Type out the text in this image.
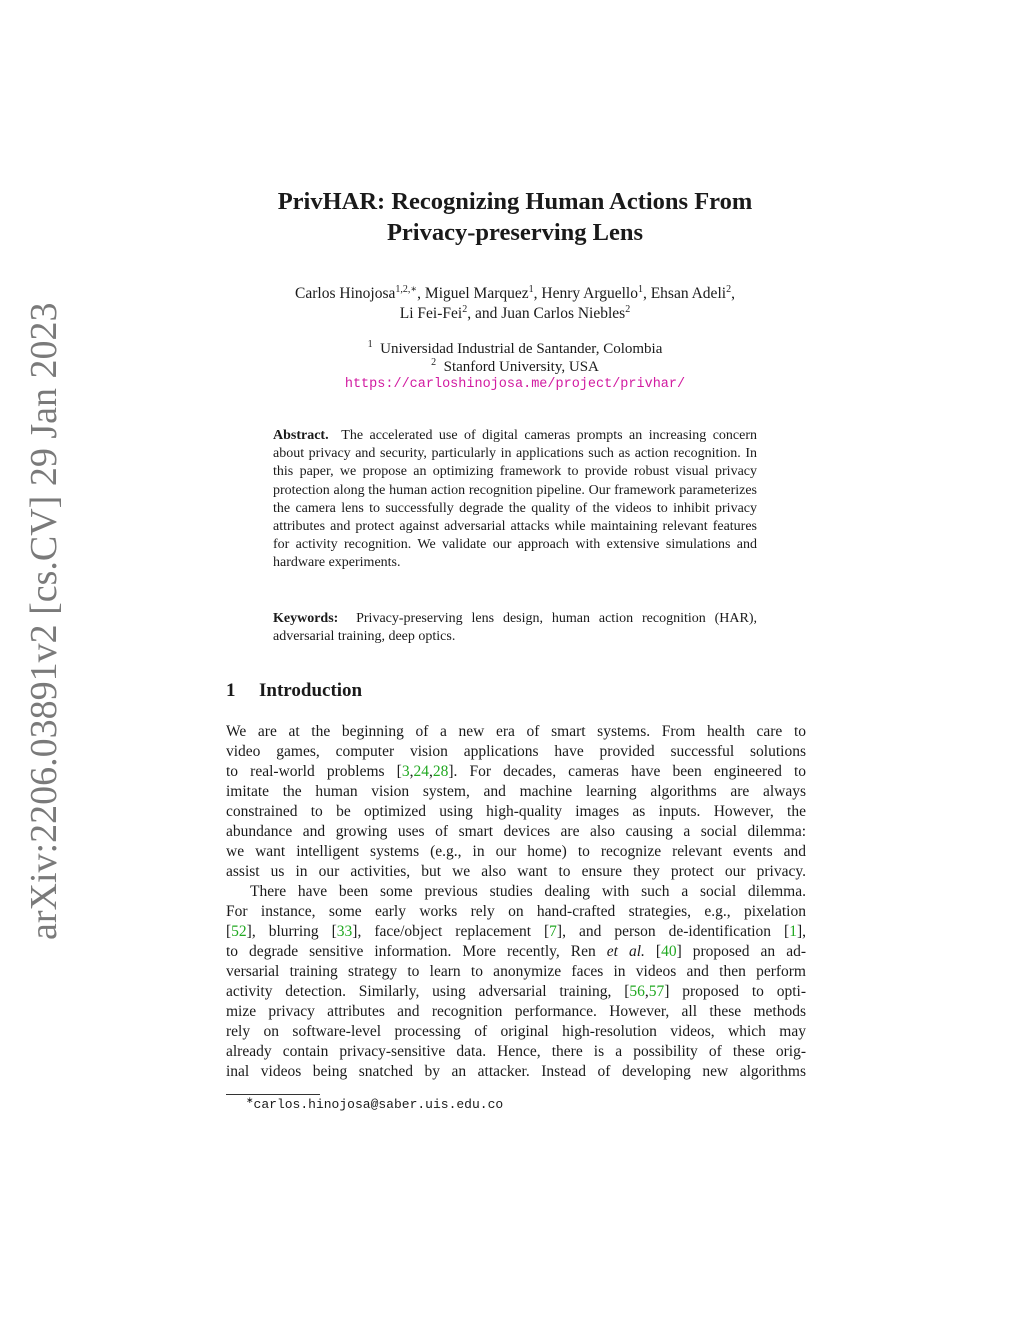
arXiv:2206.03891v2 [cs.CV] 29 Jan 2023
PrivHAR: Recognizing Human Actions From
Privacy-preserving Lens
Carlos Hinojosa$^{1,2,∗}$, Miguel Marquez$^1$, Henry Arguello$^1$, Ehsan Adeli$^2$,
Li Fei-Fei$^2$, and Juan Carlos Niebles$^2$
$^1$ Universidad Industrial de Santander, Colombia
$^2$ Stanford University, USA
https://carloshinojosa.me/project/privhar/
Abstract. The accelerated use of digital cameras prompts an increasing concern about privacy and security, particularly in applications such as action recognition. In this paper, we propose an optimizing framework to provide robust visual privacy protection along the human action recognition pipeline. Our framework parameterizes the camera lens to successfully degrade the quality of the videos to inhibit privacy attributes and protect against adversarial attacks while maintaining relevant features for activity recognition. We validate our approach with extensive simulations and hardware experiments.
Keywords: Privacy-preserving lens design, human action recognition (HAR), adversarial training, deep optics.
1 Introduction
We are at the beginning of a new era of smart systems. From health care to
video games, computer vision applications have provided successful solutions
to real-world problems [3,24,28]. For decades, cameras have been engineered to
imitate the human vision system, and machine learning algorithms are always
constrained to be optimized using high-quality images as inputs. However, the
abundance and growing uses of smart devices are also causing a social dilemma:
we want intelligent systems (e.g., in our home) to recognize relevant events and
assist us in our activities, but we also want to ensure they protect our privacy.
There have been some previous studies dealing with such a social dilemma.
For instance, some early works rely on hand-crafted strategies, e.g., pixelation
[52], blurring [33], face/object replacement [7], and person de-identification [1],
to degrade sensitive information. More recently, Ren et al. [40] proposed an ad-
versarial training strategy to learn to anonymize faces in videos and then perform
activity detection. Similarly, using adversarial training, [56,57] proposed to opti-
mize privacy attributes and recognition performance. However, all these methods
rely on software-level processing of original high-resolution videos, which may
already contain privacy-sensitive data. Hence, there is a possibility of these orig-
inal videos being snatched by an attacker. Instead of developing new algorithms
∗carlos.hinojosa@saber.uis.edu.co
